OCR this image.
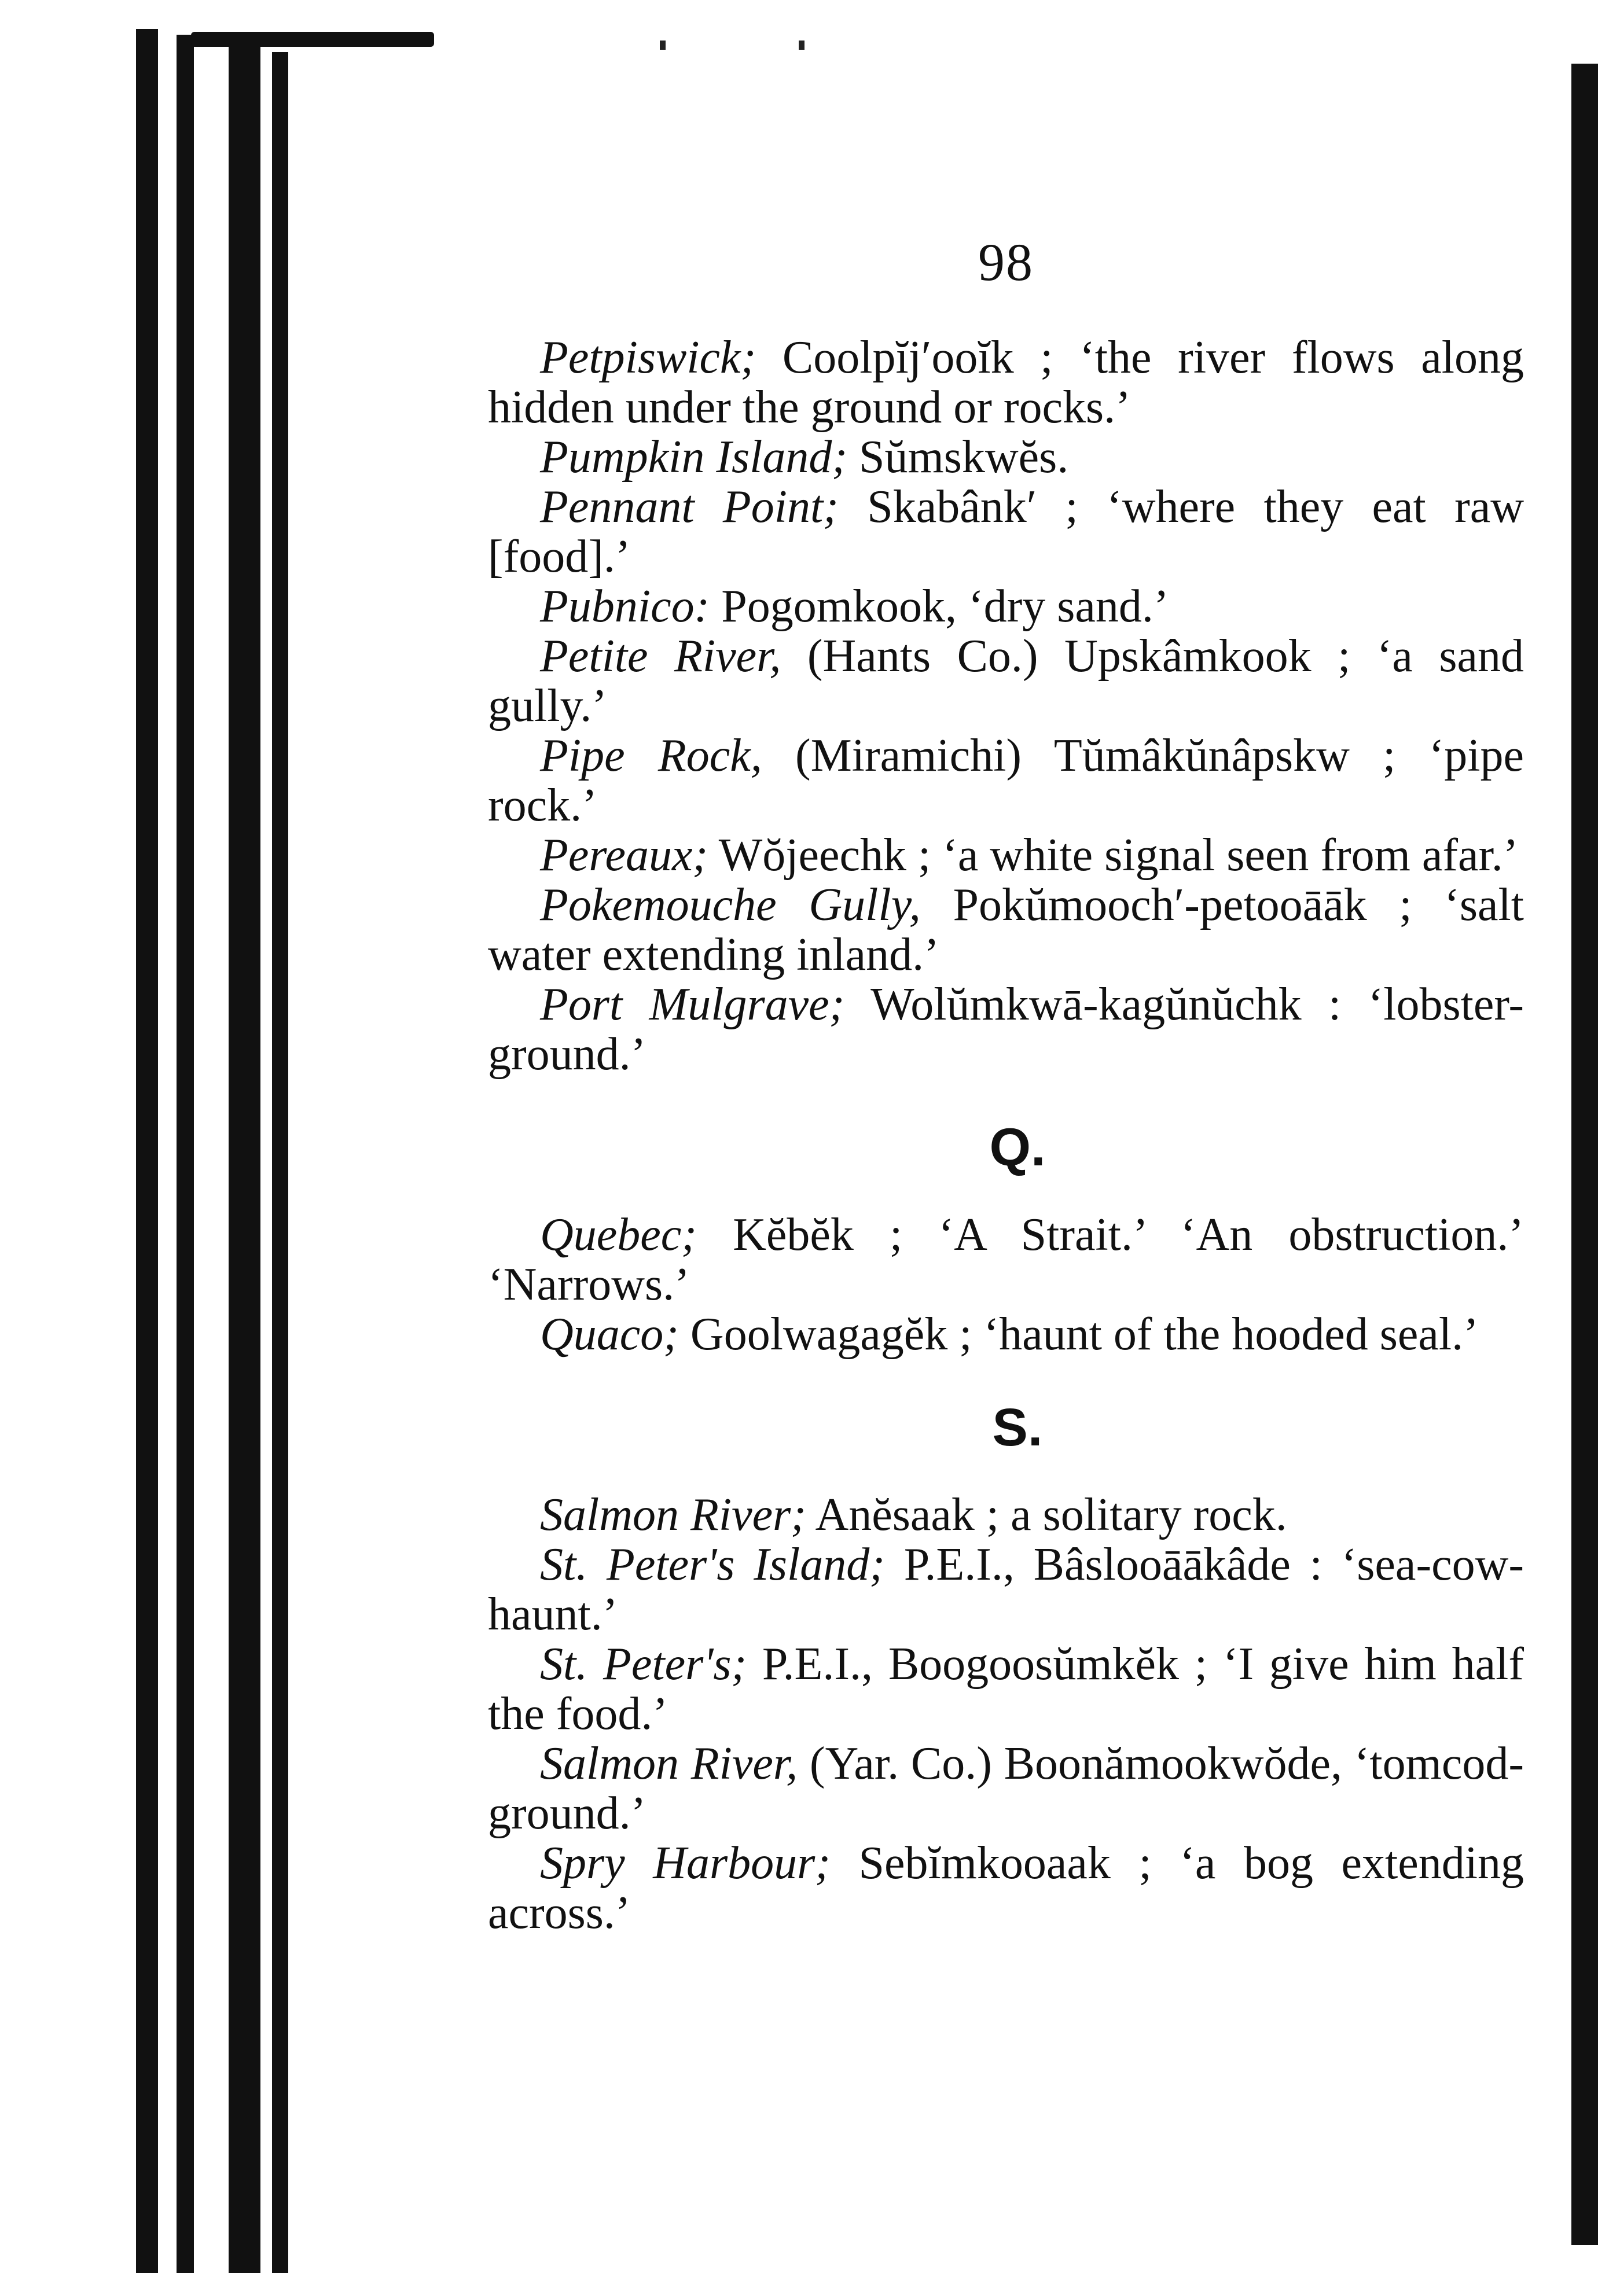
98

Petpiswick; Coolpĭj′ooĭk ; ‘the river flows along hidden under the ground or rocks.’

Pumpkin Island; Sŭmskwĕs.

Pennant Point; Skabânk′ ; ‘where they eat raw [food].’

Pubnico: Pogomkook, ‘dry sand.’

Petite River, (Hants Co.) Upskâmkook ; ‘a sand gully.’

Pipe Rock, (Miramichi) Tŭmâkŭnâpskw ; ‘pipe rock.’

Pereaux; Wŏjeechk ; ‘a white signal seen from afar.’

Pokemouche Gully, Pokŭmooch′-petooāāk ; ‘salt water extending inland.’

Port Mulgrave; Wolŭmkwā-kagŭnŭchk : ‘lobster-ground.’

Q.

Quebec; Kĕbĕk ; ‘A Strait.’ ‘An obstruction.’ ‘Narrows.’

Quaco; Goolwagagĕk ; ‘haunt of the hooded seal.’

S.

Salmon River; Anĕsaak ; a solitary rock.

St. Peter's Island; P.E.I., Bâslooāākâde : ‘sea-cow-haunt.’

St. Peter's; P.E.I., Boogoosŭmkĕk ; ‘I give him half the food.’

Salmon River, (Yar. Co.) Boonămookwŏde, ‘tomcod-ground.’

Spry Harbour; Sebĭmkooaak ; ‘a bog extending across.’
